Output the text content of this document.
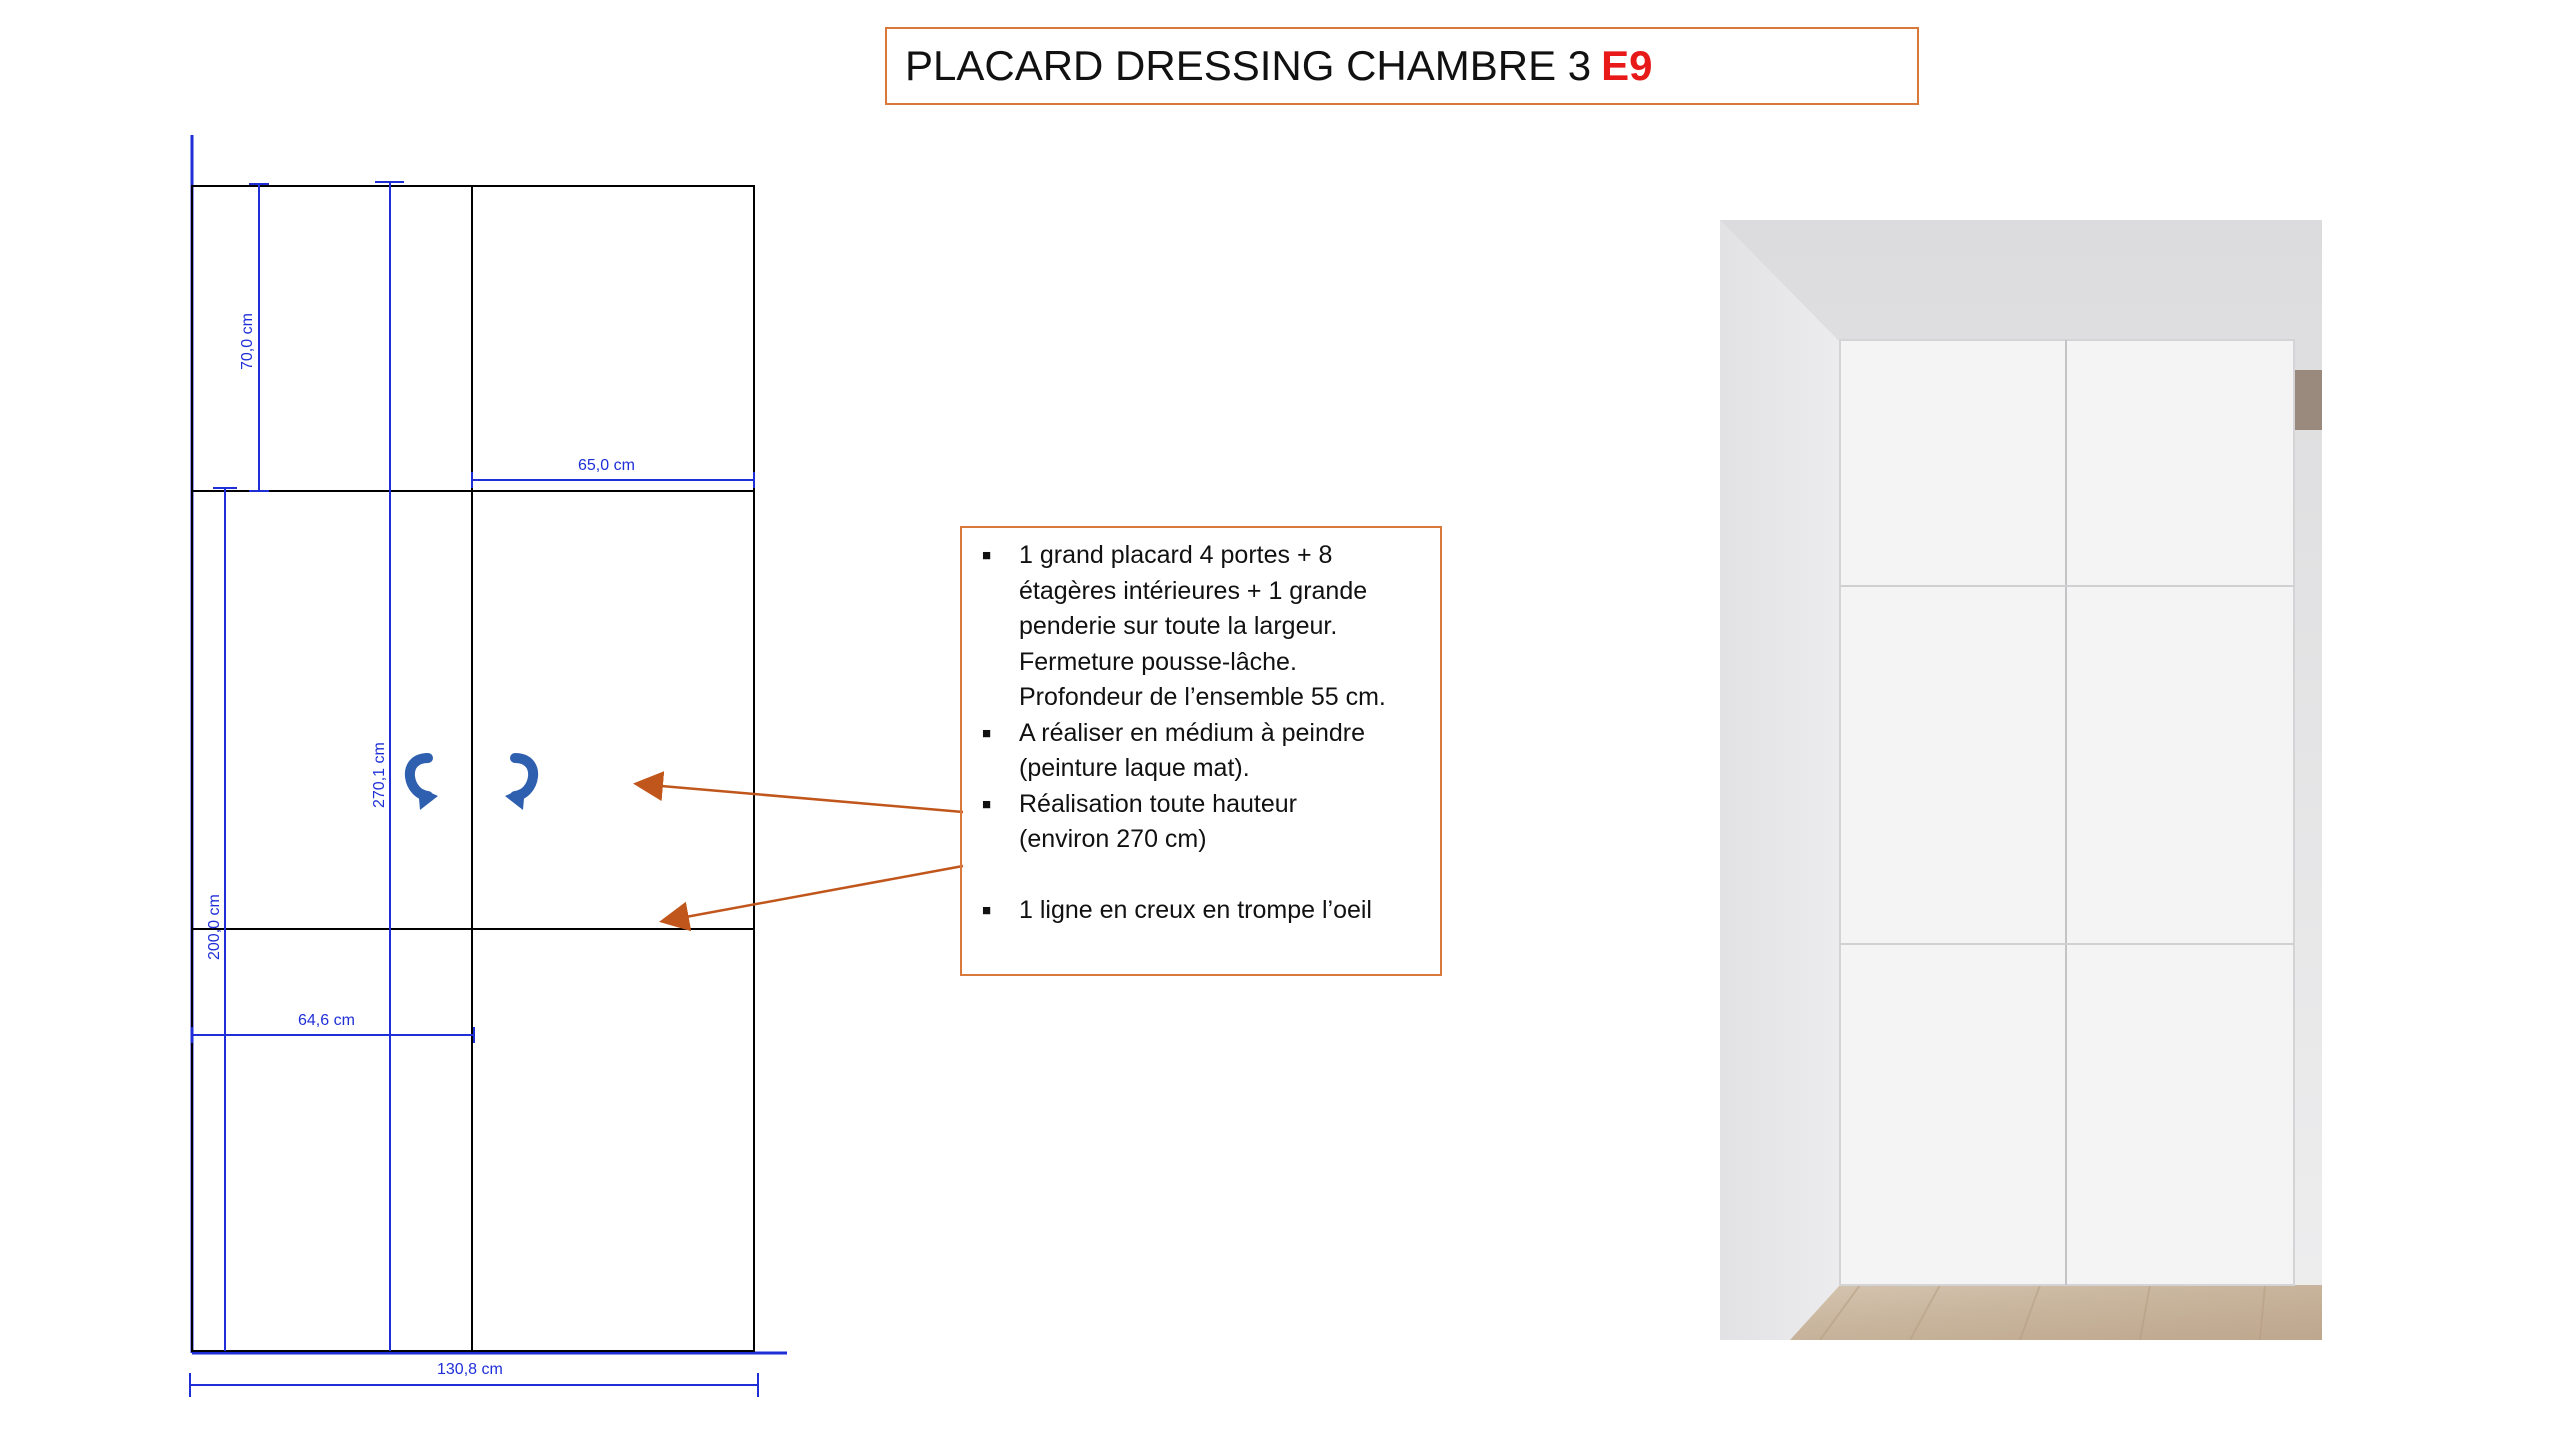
PLACARD DRESSING CHAMBRE 3 E9
70,0 cm
65,0 cm
270,1 cm
200,0 cm
64,6 cm
130,8 cm
■	1 grand placard 4 portes + 8
étagères intérieures + 1 grande
penderie sur toute la largeur.
Fermeture pousse-lâche.
Profondeur de l’ensemble 55 cm.
■	A réaliser en médium à peindre
(peinture laque mat).
■	Réalisation toute hauteur
(environ 270 cm)
■	1 ligne en creux en trompe l’oeil
